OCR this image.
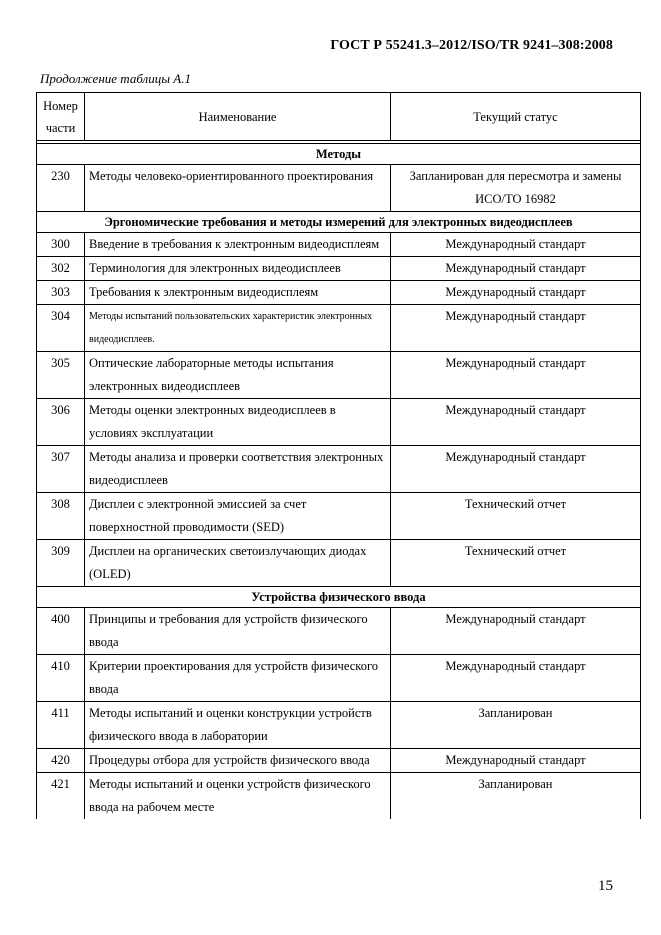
ГОСТ Р 55241.3–2012/ISO/TR 9241–308:2008
Продолжение таблицы А.1
Номер
части	Наименование	Текущий статус

Методы		
230	Методы человеко-ориентированного проектирования	Запланирован для пересмотра и замены ИСО/ТО 16982
Эргономические требования и методы измерений для электронных видеодисплеев		
300	Введение в требования к электронным видеодисплеям	Международный стандарт
302	Терминология для электронных видеодисплеев	Международный стандарт
303	Требования к электронным видеодисплеям	Международный стандарт
304	Методы испытаний пользовательских характеристик электронных видеодисплеев.	Международный стандарт
305	Оптические лабораторные методы испытания электронных видеодисплеев	Международный стандарт
306	Методы оценки электронных видеодисплеев в условиях эксплуатации	Международный стандарт
307	Методы анализа и проверки соответствия электронных видеодисплеев	Международный стандарт
308	Дисплеи с электронной эмиссией за счет поверхностной проводимости (SED)	Технический отчет
309	Дисплеи на органических светоизлучающих диодах (OLED)	Технический отчет
Устройства физического ввода		
400	Принципы и требования для устройств физического ввода	Международный стандарт
410	Критерии проектирования для устройств физического ввода	Международный стандарт
411	Методы испытаний и оценки конструкции устройств физического ввода в лаборатории	Запланирован
420	Процедуры отбора для устройств физического ввода	Международный стандарт
421	Методы испытаний и оценки устройств физического ввода на рабочем месте	Запланирован
15
